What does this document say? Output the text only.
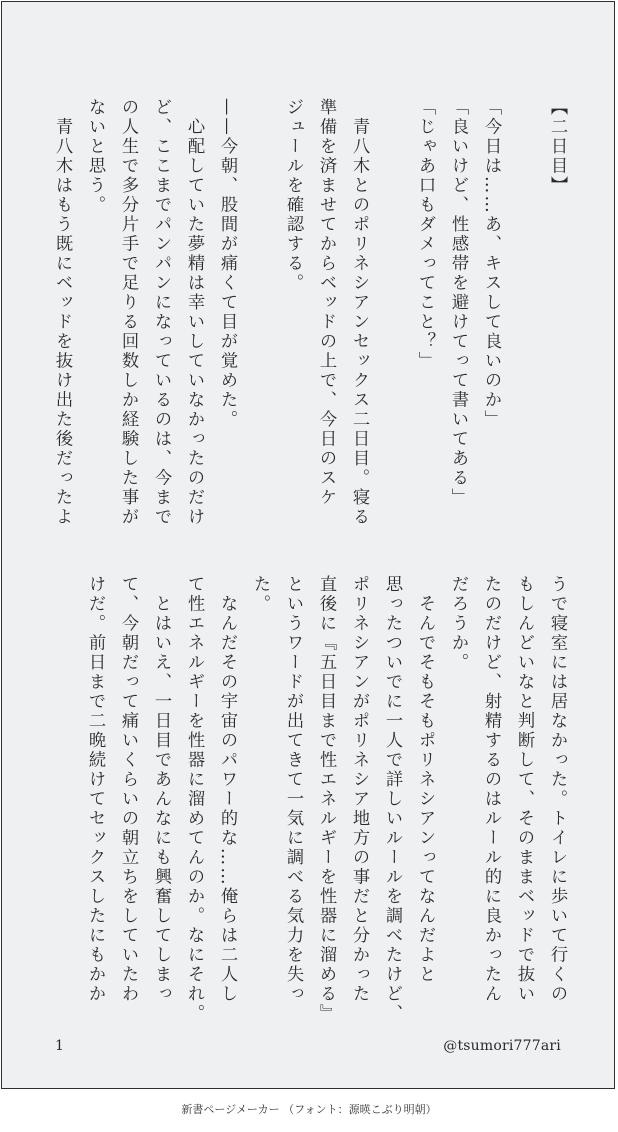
【二日目】

「今日は……あ、キスして良いのか」
「良いけど、性感帯を避けてって書いてある」
「じゃあ口もダメってこと？」

　青八木とのポリネシアンセックス二日目。寝る
準備を済ませてからベッドの上で、今日のスケ
ジュールを確認する。

——今朝、股間が痛くて目が覚めた。
　心配していた夢精は幸いしていなかったのだけ
ど、ここまでパンパンになっているのは、今まで
の人生で多分片手で足りる回数しか経験した事が
ないと思う。
　青八木はもう既にベッドを抜け出た後だったよ
うで寝室には居なかった。トイレに歩いて行くの
もしんどいなと判断して、そのままベッドで抜い
たのだけど、射精するのはルール的に良かったん
だろうか。
　そんでそもそもポリネシアンってなんだよと
思ったついでに一人で詳しいルールを調べたけど、
ポリネシアンがポリネシア地方の事だと分かった
直後に『五日目まで性エネルギーを性器に溜める』
というワードが出てきて一気に調べる気力を失っ
た。
　なんだその宇宙のパワー的な……俺らは二人し
て性エネルギーを性器に溜めてんのか。なにそれ。
　とはいえ、一日目であんなにも興奮してしまっ
て、今朝だって痛いくらいの朝立ちをしていたわ
けだ。前日まで二晩続けてセックスしたにもかか
1	@tsumori777ari
新書ページメーカー （フォント：源暎こぶり明朝）
